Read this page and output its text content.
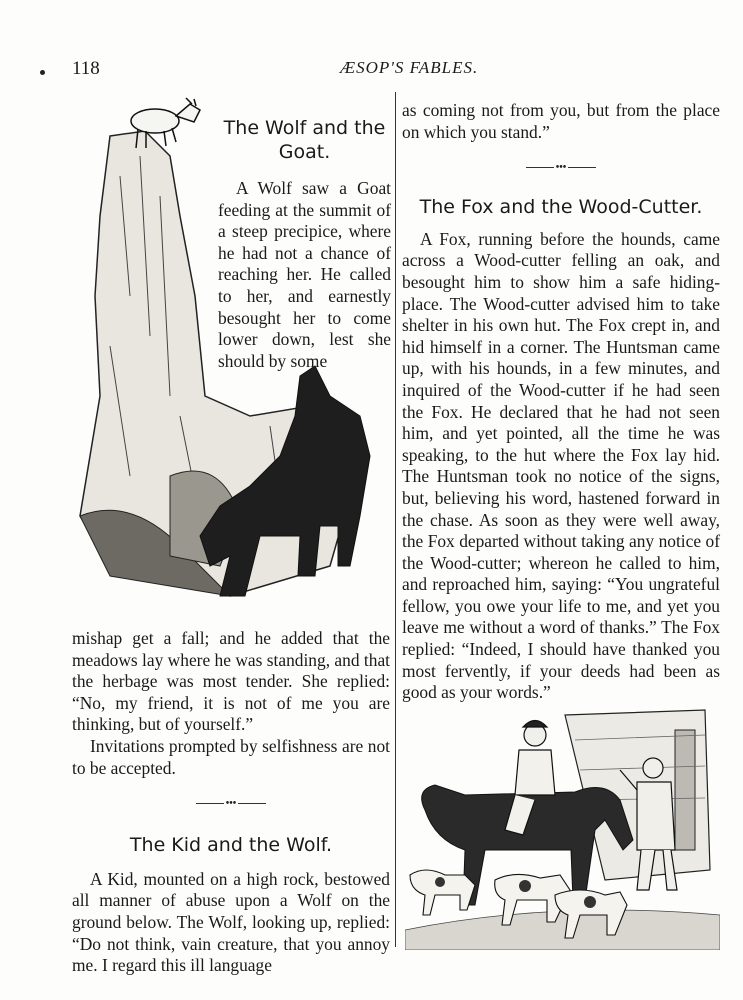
118	ÆSOP'S FABLES.
The Wolf and the Goat.

A Wolf saw a Goat feeding at the summit of a steep precipice, where he had not a chance of reaching her. He called to her, and earnestly besought her to come lower down, lest she should by some

mishap get a fall; and he added that the meadows lay where he was standing, and that the herbage was most tender. She replied: “No, my friend, it is not of me you are thinking, but of yourself.”

Invitations prompted by selfishness are not to be accepted.

•••
The Kid and the Wolf.

A Kid, mounted on a high rock, bestowed all manner of abuse upon a Wolf on the ground below. The Wolf, looking up, replied: “Do not think, vain creature, that you annoy me. I regard this ill language

as coming not from you, but from the place on which you stand.”

•••
The Fox and the Wood-Cutter.

A Fox, running before the hounds, came across a Wood-cutter felling an oak, and besought him to show him a safe hiding-place. The Wood-cutter advised him to take shelter in his own hut. The Fox crept in, and hid himself in a corner. The Huntsman came up, with his hounds, in a few minutes, and inquired of the Wood-cutter if he had seen the Fox. He declared that he had not seen him, and yet pointed, all the time he was speaking, to the hut where the Fox lay hid. The Huntsman took no notice of the signs, but, believing his word, hastened forward in the chase. As soon as they were well away, the Fox departed without taking any notice of the Wood-cutter; whereon he called to him, and reproached him, saying: “You ungrateful fellow, you owe your life to me, and yet you leave me without a word of thanks.” The Fox replied: “Indeed, I should have thanked you most fervently, if your deeds had been as good as your words.”
